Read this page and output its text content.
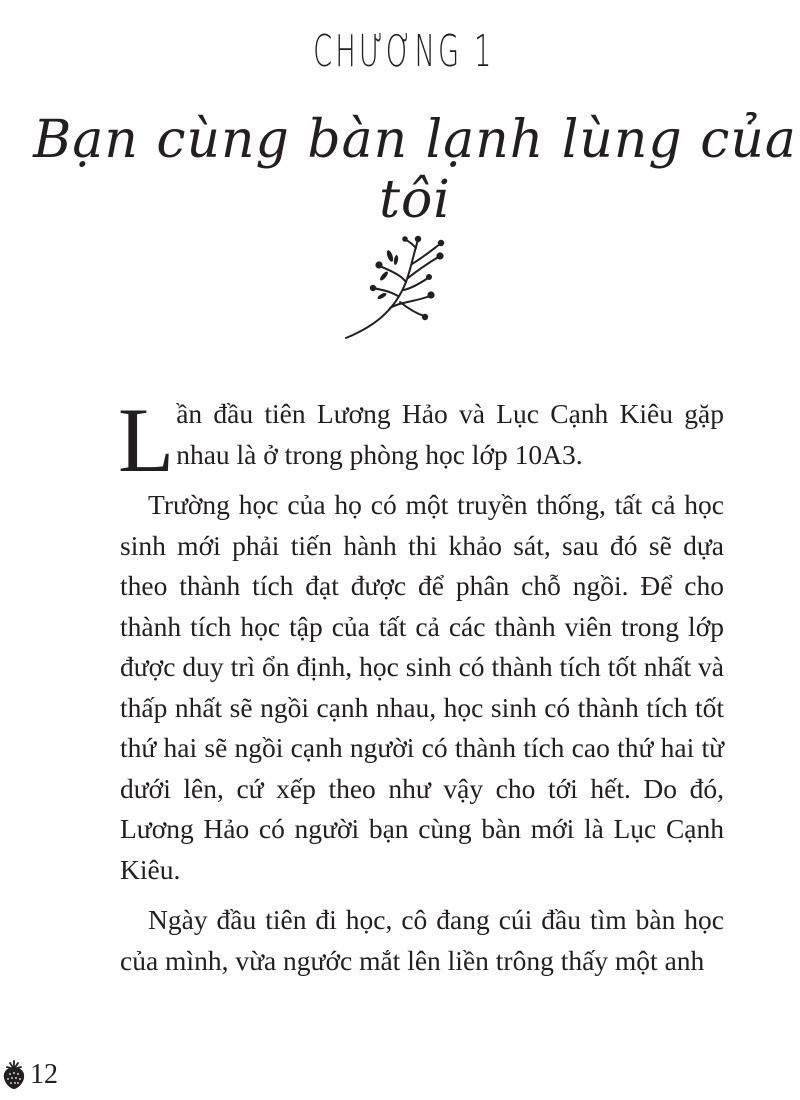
CHƯƠNG 1
Bạn cùng bàn lạnh lùng của tôi

Lần đầu tiên Lương Hảo và Lục Cạnh Kiêu gặp nhau là ở trong phòng học lớp 10A3.

Trường học của họ có một truyền thống, tất cả học sinh mới phải tiến hành thi khảo sát, sau đó sẽ dựa theo thành tích đạt được để phân chỗ ngồi. Để cho thành tích học tập của tất cả các thành viên trong lớp được duy trì ổn định, học sinh có thành tích tốt nhất và thấp nhất sẽ ngồi cạnh nhau, học sinh có thành tích tốt thứ hai sẽ ngồi cạnh người có thành tích cao thứ hai từ dưới lên, cứ xếp theo như vậy cho tới hết. Do đó, Lương Hảo có người bạn cùng bàn mới là Lục Cạnh Kiêu.

Ngày đầu tiên đi học, cô đang cúi đầu tìm bàn học của mình, vừa ngước mắt lên liền trông thấy một anh

12
